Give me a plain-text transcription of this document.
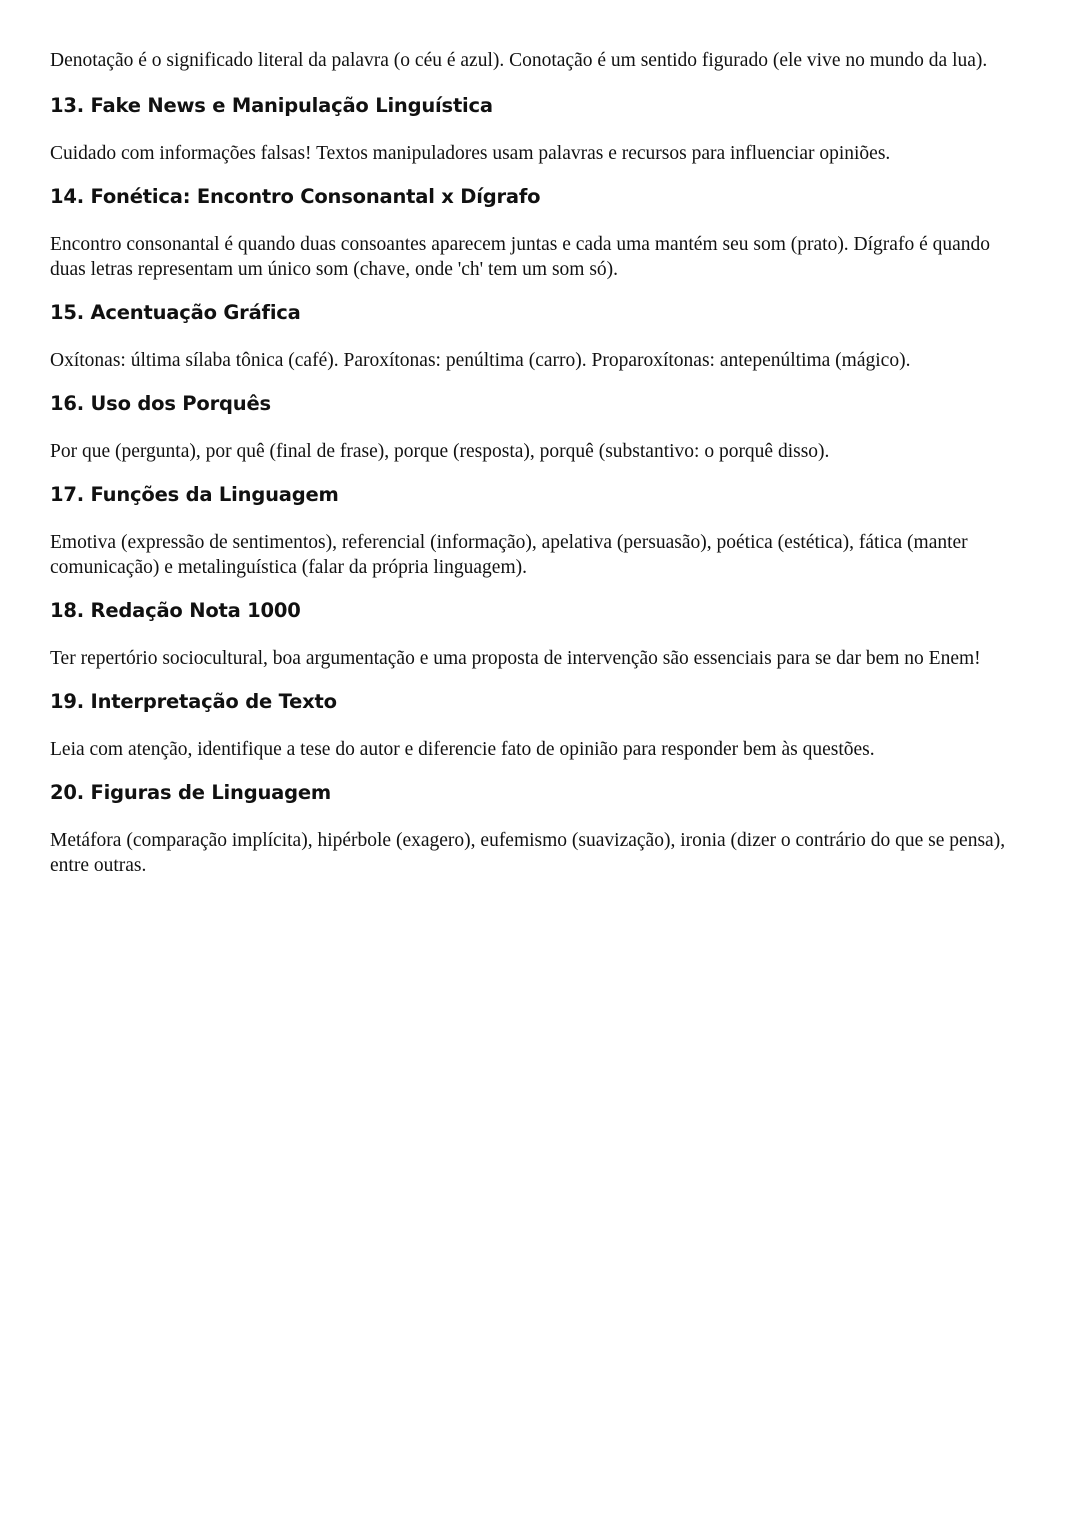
Denotação é o significado literal da palavra (o céu é azul). Conotação é um sentido figurado (ele vive no mundo da lua).

13. Fake News e Manipulação Linguística

Cuidado com informações falsas! Textos manipuladores usam palavras e recursos para influenciar opiniões.

14. Fonética: Encontro Consonantal x Dígrafo

Encontro consonantal é quando duas consoantes aparecem juntas e cada uma mantém seu som (prato). Dígrafo é quando duas letras representam um único som (chave, onde 'ch' tem um som só).

15. Acentuação Gráfica

Oxítonas: última sílaba tônica (café). Paroxítonas: penúltima (carro). Proparoxítonas: antepenúltima (mágico).

16. Uso dos Porquês

Por que (pergunta), por quê (final de frase), porque (resposta), porquê (substantivo: o porquê disso).

17. Funções da Linguagem

Emotiva (expressão de sentimentos), referencial (informação), apelativa (persuasão), poética (estética), fática (manter comunicação) e metalinguística (falar da própria linguagem).

18. Redação Nota 1000

Ter repertório sociocultural, boa argumentação e uma proposta de intervenção são essenciais para se dar bem no Enem!

19. Interpretação de Texto

Leia com atenção, identifique a tese do autor e diferencie fato de opinião para responder bem às questões.

20. Figuras de Linguagem

Metáfora (comparação implícita), hipérbole (exagero), eufemismo (suavização), ironia (dizer o contrário do que se pensa), entre outras.
